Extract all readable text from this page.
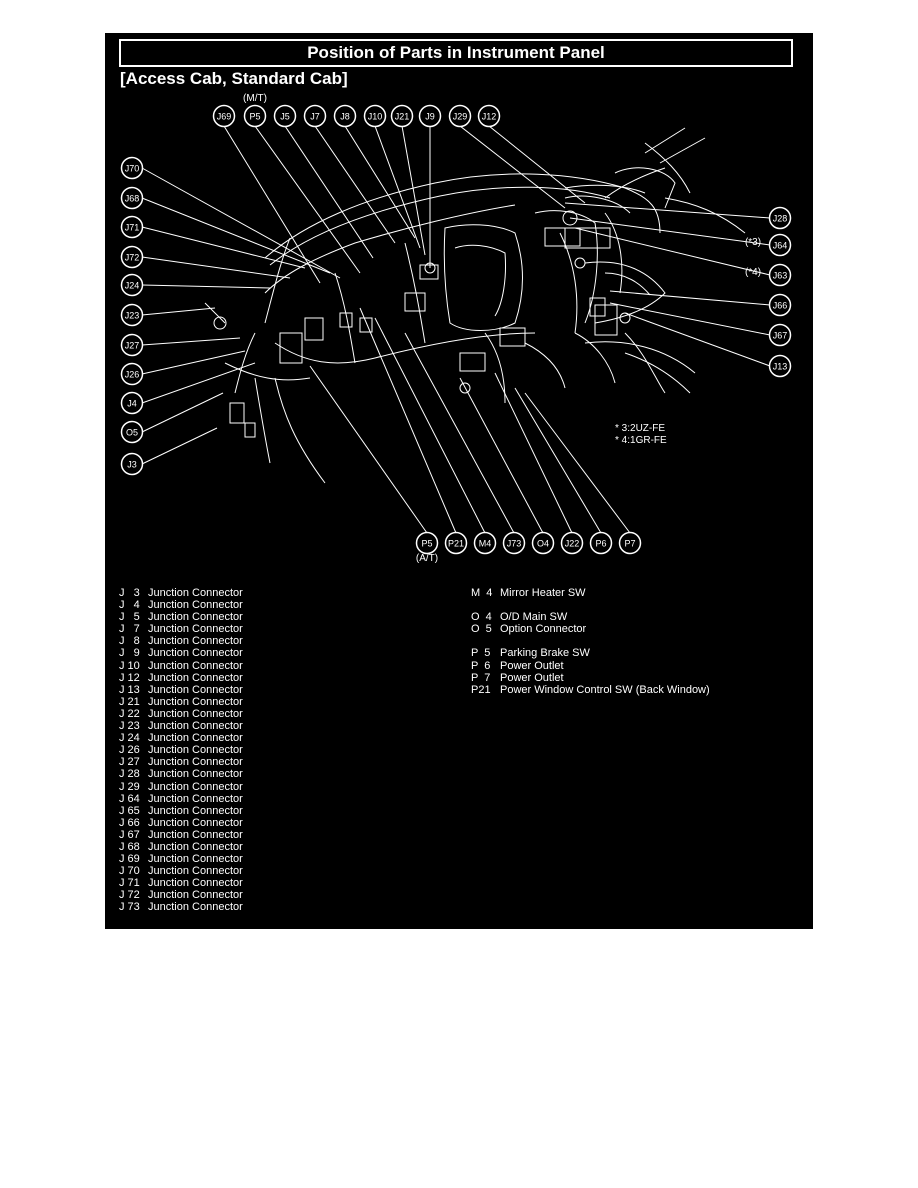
Position of Parts in Instrument Panel
[Access Cab, Standard Cab]
J69 P5 J5 J7 J8 J10 J21 J9 J29 J12
J70
J68
J71
J72
J24
J23
J27
J26
J4
O5
J3
J28
J64
J63
J66
J67
J13
P5 P21 M4 J73 O4 J22 P6 P7
(M/T)
(*3)
(*4)
(A/T)
* 3:2UZ-FE
* 4:1GR-FE
J   3 Junction Connector
J   4 Junction Connector
J   5 Junction Connector
J   7 Junction Connector
J   8 Junction Connector
J   9 Junction Connector
J 10 Junction Connector
J 12 Junction Connector
J 13 Junction Connector
J 21 Junction Connector
J 22 Junction Connector
J 23 Junction Connector
J 24 Junction Connector
J 26 Junction Connector
J 27 Junction Connector
J 28 Junction Connector
J 29 Junction Connector
J 64 Junction Connector
J 65 Junction Connector
J 66 Junction Connector
J 67 Junction Connector
J 68 Junction Connector
J 69 Junction Connector
J 70 Junction Connector
J 71 Junction Connector
J 72 Junction Connector
J 73 Junction Connector
M  4 Mirror Heater SW
O  4 O/D Main SW
O  5 Option Connector
P  5 Parking Brake SW
P  6 Power Outlet
P  7 Power Outlet
P21 Power Window Control SW (Back Window)
